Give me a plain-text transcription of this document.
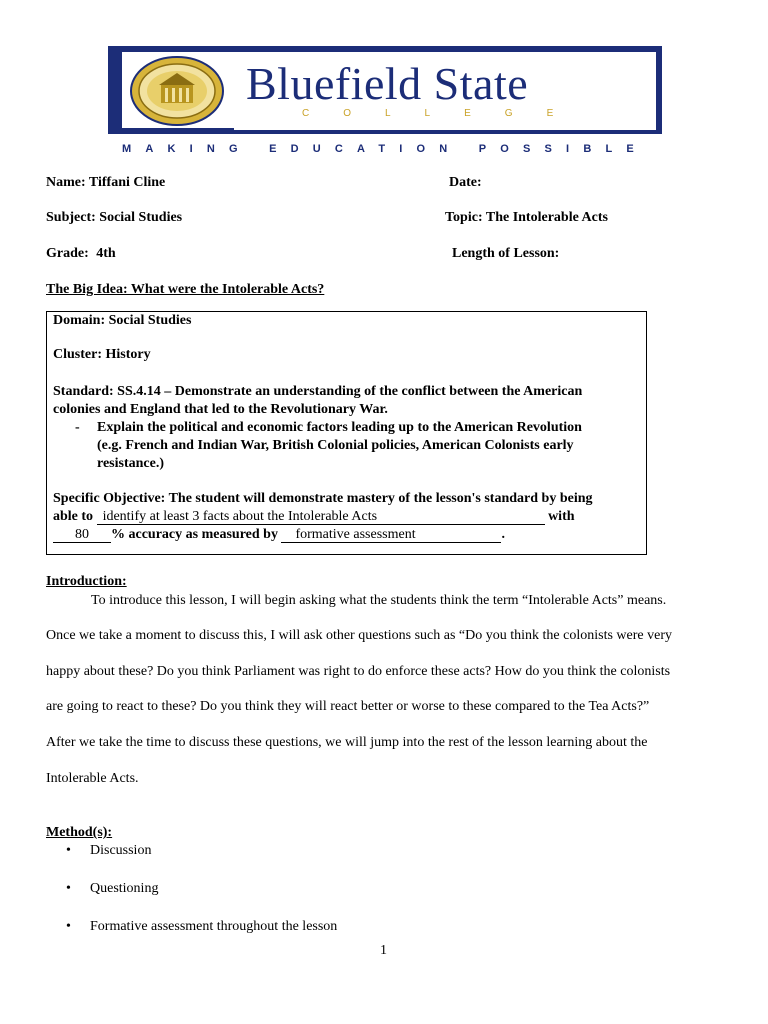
Bluefield State
COLLEGE
MAKING EDUCATION POSSIBLE
Name: Tiffani Cline	Date:
Subject: Social Studies	Topic: The Intolerable Acts
Grade: 4th	Length of Lesson:
The Big Idea: What were the Intolerable Acts?
Domain: Social Studies
Cluster: History
Standard: SS.4.14 – Demonstrate an understanding of the conflict between the American
colonies and England that led to the Revolutionary War.
- Explain the political and economic factors leading up to the American Revolution
(e.g. French and Indian War, British Colonial policies, American Colonists early
resistance.)
Specific Objective: The student will demonstrate mastery of the lesson's standard by being
able to identify at least 3 facts about the Intolerable Acts	with
80 % accuracy as measured by formative assessment	.
Introduction:
To introduce this lesson, I will begin asking what the students think the term “Intolerable Acts” means.
Once we take a moment to discuss this, I will ask other questions such as “Do you think the colonists were very
happy about these? Do you think Parliament was right to do enforce these acts? How do you think the colonists
are going to react to these? Do you think they will react better or worse to these compared to the Tea Acts?”
After we take the time to discuss these questions, we will jump into the rest of the lesson learning about the
Intolerable Acts.
Method(s):
• Discussion
• Questioning
• Formative assessment throughout the lesson
1
